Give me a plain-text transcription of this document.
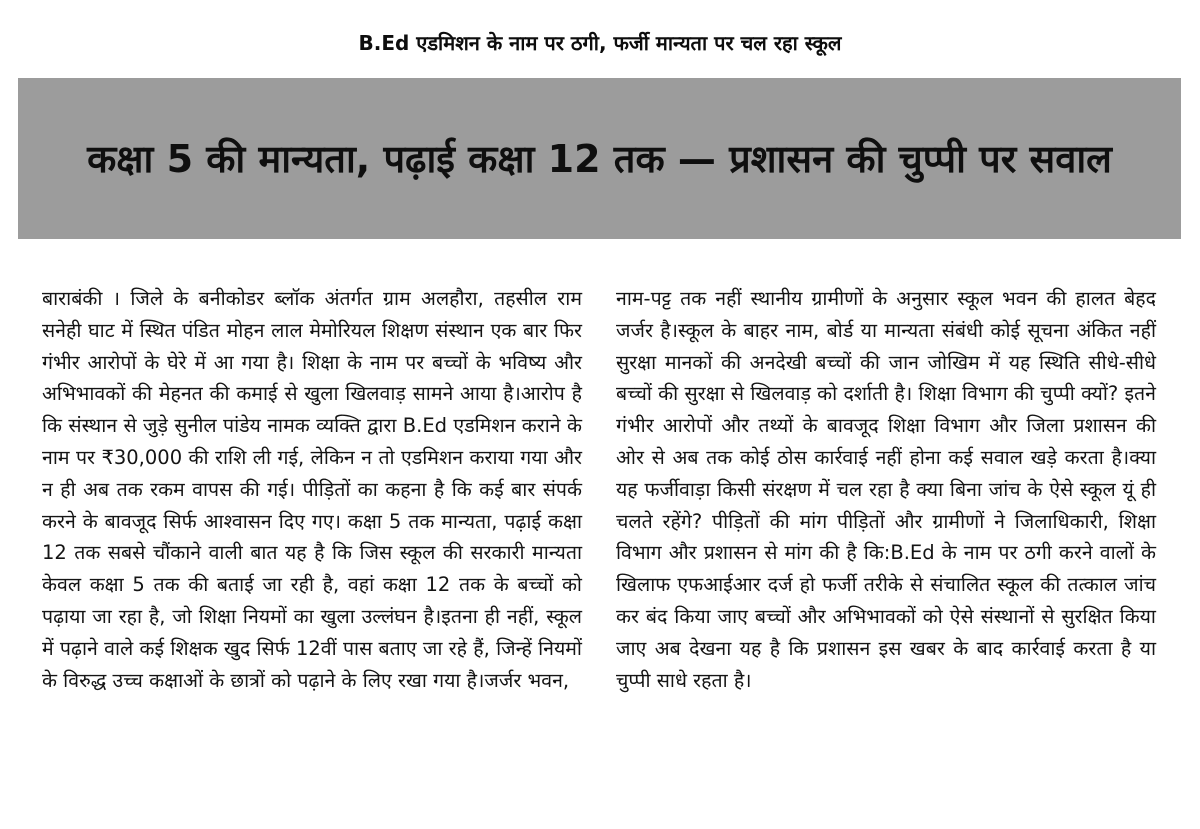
B.Ed एडमिशन के नाम पर ठगी, फर्जी मान्यता पर चल रहा स्कूल
कक्षा 5 की मान्यता, पढ़ाई कक्षा 12 तक — प्रशासन की चुप्पी पर सवाल

बाराबंकी । जिले के बनीकोडर ब्लॉक अंतर्गत ग्राम अलहौरा, तहसील राम सनेही घाट में स्थित पंडित मोहन लाल मेमोरियल शिक्षण संस्थान एक बार फिर गंभीर आरोपों के घेरे में आ गया है। शिक्षा के नाम पर बच्चों के भविष्य और अभिभावकों की मेहनत की कमाई से खुला खिलवाड़ सामने आया है।आरोप है कि संस्थान से जुड़े सुनील पांडेय नामक व्यक्ति द्वारा B.Ed एडमिशन कराने के नाम पर ₹30,000 की राशि ली गई, लेकिन न तो एडमिशन कराया गया और न ही अब तक रकम वापस की गई। पीड़ितों का कहना है कि कई बार संपर्क करने के बावजूद सिर्फ आश्वासन दिए गए। कक्षा 5 तक मान्यता, पढ़ाई कक्षा 12 तक सबसे चौंकाने वाली बात यह है कि जिस स्कूल की सरकारी मान्यता केवल कक्षा 5 तक की बताई जा रही है, वहां कक्षा 12 तक के बच्चों को पढ़ाया जा रहा है, जो शिक्षा नियमों का खुला उल्लंघन है।इतना ही नहीं, स्कूल में पढ़ाने वाले कई शिक्षक खुद सिर्फ 12वीं पास बताए जा रहे हैं, जिन्हें नियमों के विरुद्ध उच्च कक्षाओं के छात्रों को पढ़ाने के लिए रखा गया है।जर्जर भवन,

नाम-पट्ट तक नहीं स्थानीय ग्रामीणों के अनुसार स्कूल भवन की हालत बेहद जर्जर है।स्कूल के बाहर नाम, बोर्ड या मान्यता संबंधी कोई सूचना अंकित नहीं सुरक्षा मानकों की अनदेखी बच्चों की जान जोखिम में यह स्थिति सीधे-सीधे बच्चों की सुरक्षा से खिलवाड़ को दर्शाती है। शिक्षा विभाग की चुप्पी क्यों? इतने गंभीर आरोपों और तथ्यों के बावजूद शिक्षा विभाग और जिला प्रशासन की ओर से अब तक कोई ठोस कार्रवाई नहीं होना कई सवाल खड़े करता है।क्या यह फर्जीवाड़ा किसी संरक्षण में चल रहा है क्या बिना जांच के ऐसे स्कूल यूं ही चलते रहेंगे? पीड़ितों की मांग पीड़ितों और ग्रामीणों ने जिलाधिकारी, शिक्षा विभाग और प्रशासन से मांग की है कि:B.Ed के नाम पर ठगी करने वालों के खिलाफ एफआईआर दर्ज हो फर्जी तरीके से संचालित स्कूल की तत्काल जांच कर बंद किया जाए बच्चों और अभिभावकों को ऐसे संस्थानों से सुरक्षित किया जाए अब देखना यह है कि प्रशासन इस खबर के बाद कार्रवाई करता है या चुप्पी साधे रहता है।
